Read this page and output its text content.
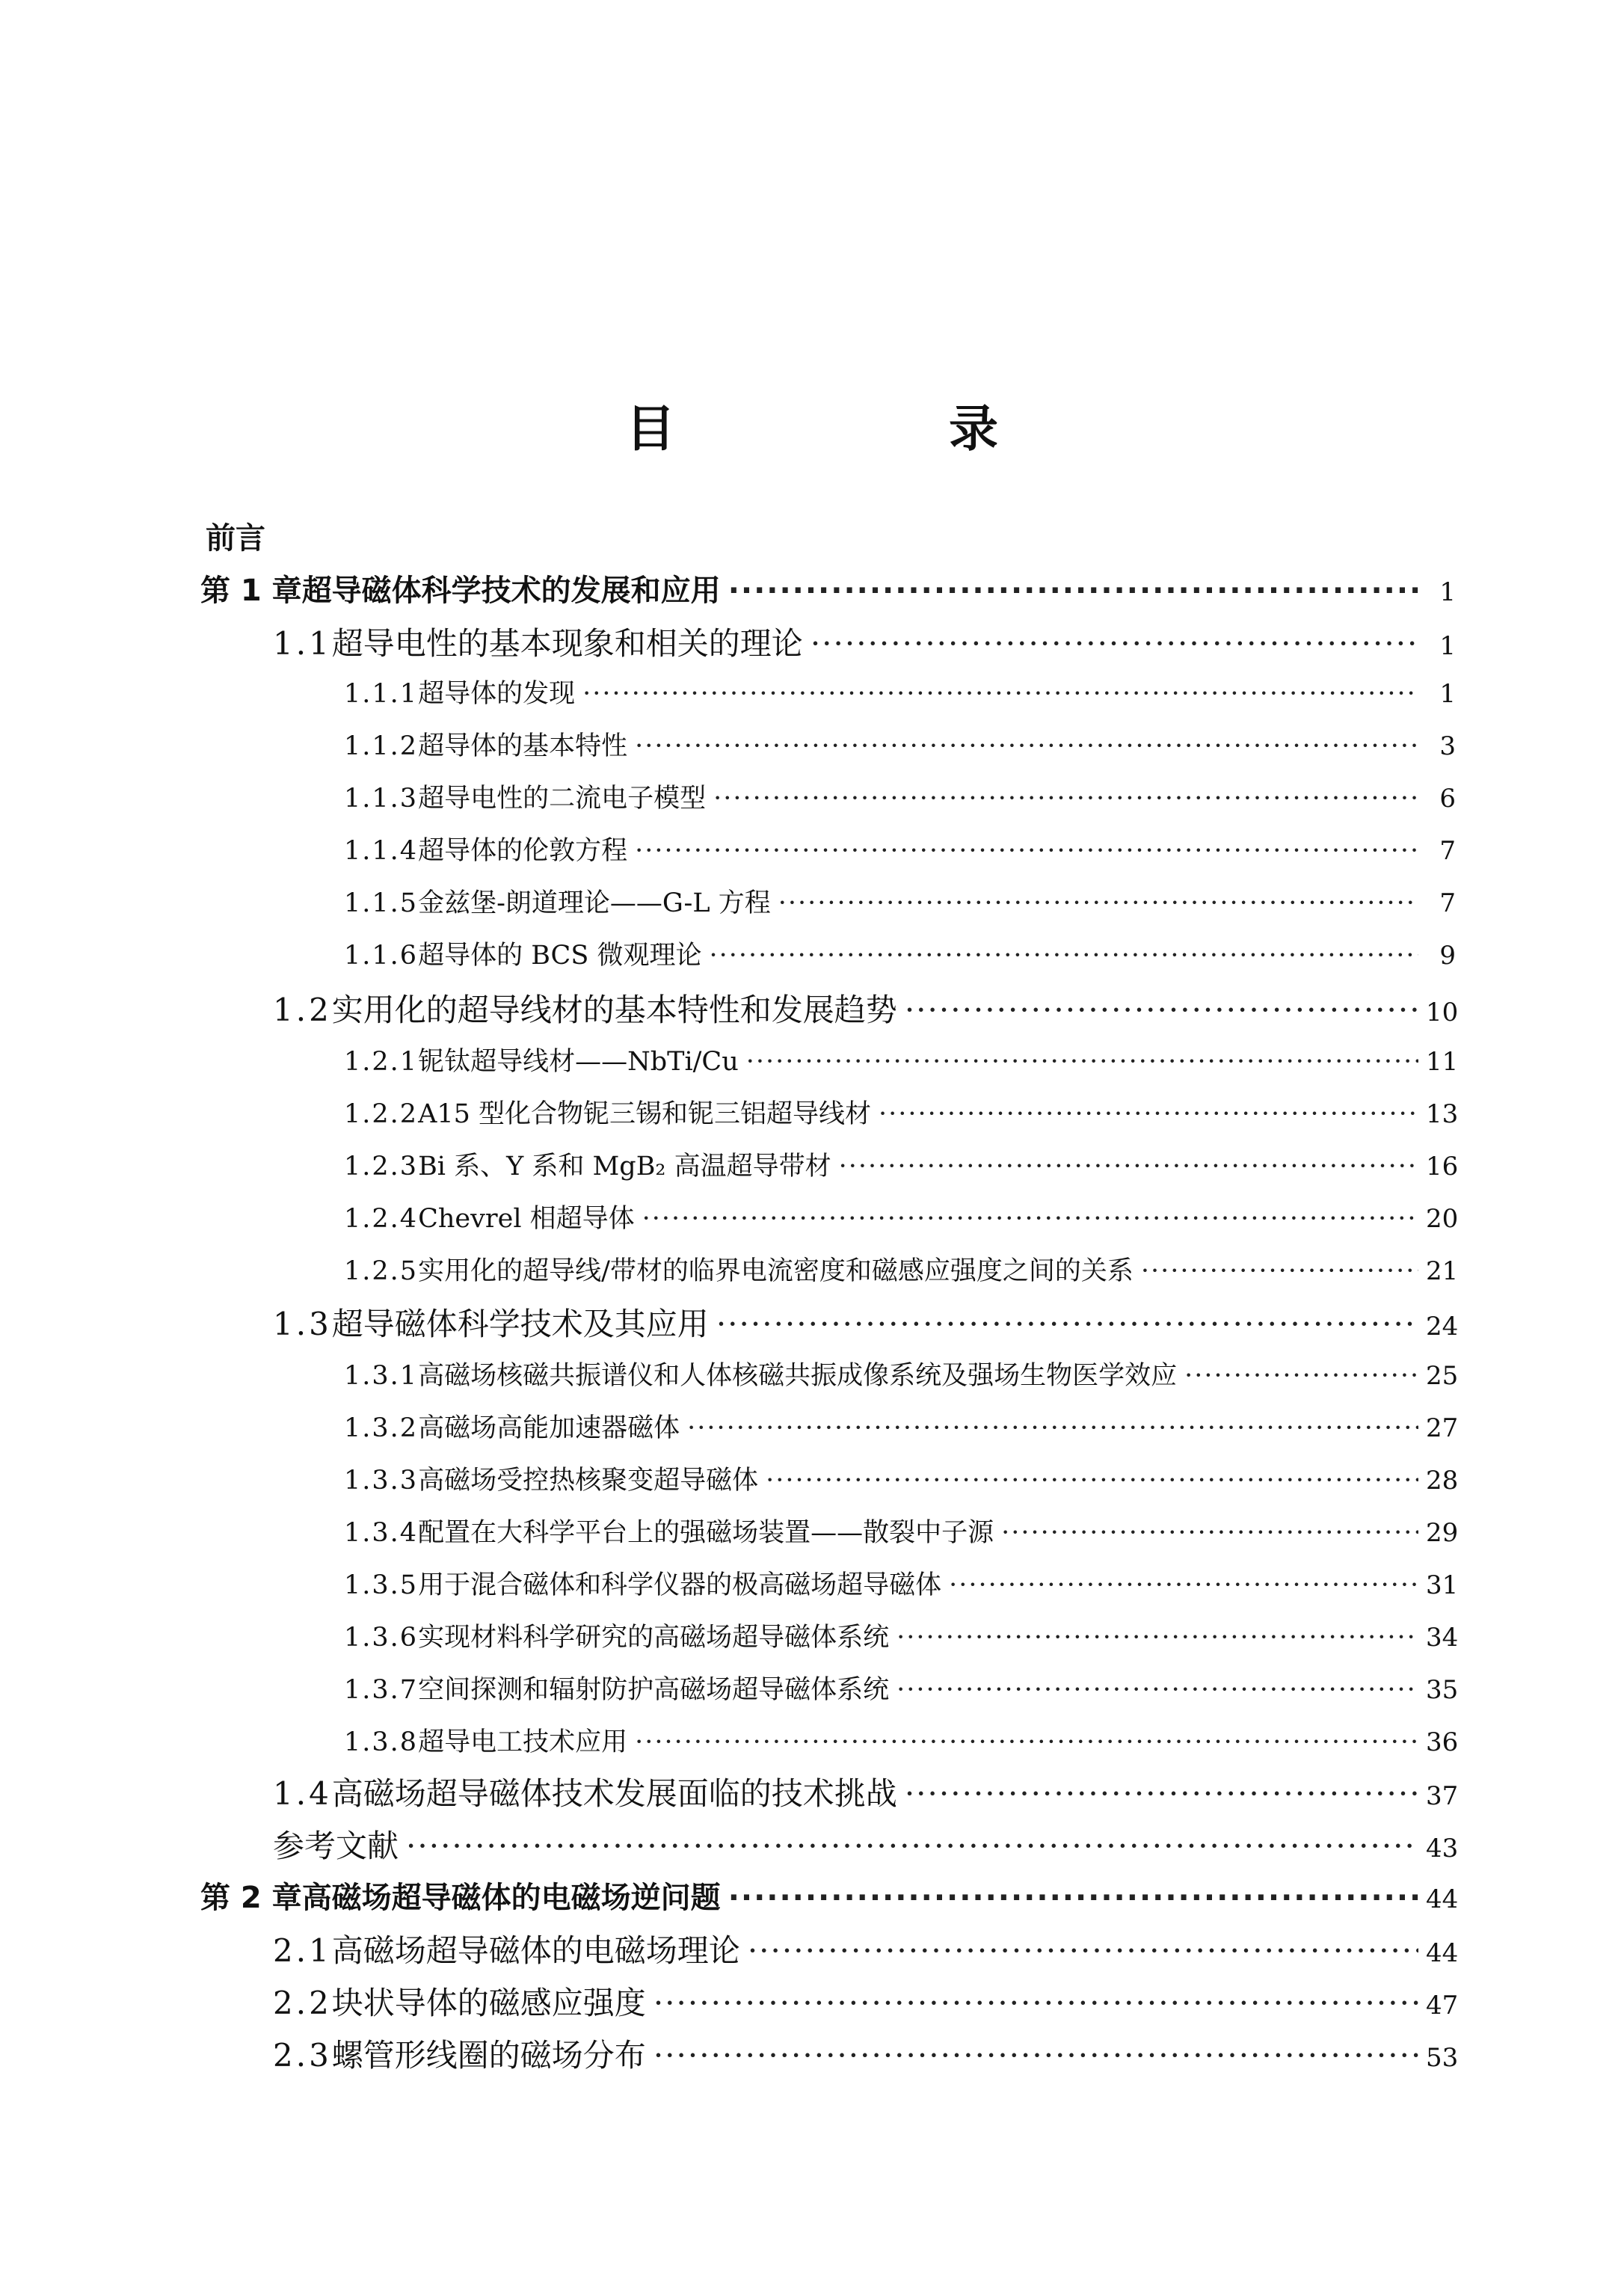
目　录
前言
第 1 章 超导磁体科学技术的发展和应用 ·····	1
1.1 超导电性的基本现象和相关的理论 ·····	1
1.1.1 超导体的发现 ·····	1
1.1.2 超导体的基本特性 ·····	3
1.1.3 超导电性的二流电子模型 ·····	6
1.1.4 超导体的伦敦方程 ·····	7
1.1.5 金兹堡-朗道理论——G-L 方程 ·····	7
1.1.6 超导体的 BCS 微观理论 ·····	9
1.2 实用化的超导线材的基本特性和发展趋势 ·····	10
1.2.1 铌钛超导线材——NbTi/Cu ·····	11
1.2.2 A15 型化合物铌三锡和铌三铝超导线材 ·····	13
1.2.3 Bi 系、Y 系和 MgB₂ 高温超导带材 ·····	16
1.2.4 Chevrel 相超导体 ·····	20
1.2.5 实用化的超导线/带材的临界电流密度和磁感应强度之间的关系 ·····	21
1.3 超导磁体科学技术及其应用 ·····	24
1.3.1 高磁场核磁共振谱仪和人体核磁共振成像系统及强场生物医学效应 ·····	25
1.3.2 高磁场高能加速器磁体 ·····	27
1.3.3 高磁场受控热核聚变超导磁体 ·····	28
1.3.4 配置在大科学平台上的强磁场装置——散裂中子源 ·····	29
1.3.5 用于混合磁体和科学仪器的极高磁场超导磁体 ·····	31
1.3.6 实现材料科学研究的高磁场超导磁体系统 ·····	34
1.3.7 空间探测和辐射防护高磁场超导磁体系统 ·····	35
1.3.8 超导电工技术应用 ·····	36
1.4 高磁场超导磁体技术发展面临的技术挑战 ·····	37
参考文献 ·····	43
第 2 章 高磁场超导磁体的电磁场逆问题 ·····	44
2.1 高磁场超导磁体的电磁场理论 ·····	44
2.2 块状导体的磁感应强度 ·····	47
2.3 螺管形线圈的磁场分布 ·····	53
